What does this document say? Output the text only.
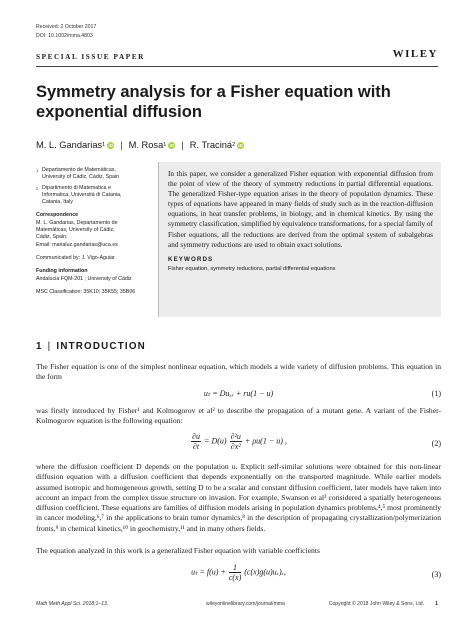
Received: 2 October 2017
DOI: 10.1002/mma.4803
SPECIAL ISSUE PAPER	WILEY
Symmetry analysis for a Fisher equation with exponential diffusion
M. L. Gandarias 1 iD | M. Rosa 1 iD | R. Traciná 2 iD
1 Departamento de Matemáticas,
University of Cádiz, Cádiz, Spain
2 Dipartimento di Matematica e
Informatica, Università di Catania,
Catania, Italy
Correspondence
M. L. Gandarias, Departamento de
Matemáticas, University of Cádiz,
Cádiz, Spain.
Email: marialuz.gandarias@uca.es
Communicated by: J. Vigo-Aguiar
Funding information
Andalucia FQM-201 ; University of Cádiz
MSC Classification: 35K10; 35K55; 35B06

In this paper, we consider a generalized Fisher equation with exponential diffusion from the point of view of the theory of symmetry reductions in partial differential equations. The generalized Fisher-type equation arises in the theory of population dynamics. These types of equations have appeared in many fields of study such as in the reaction-diffusion equations, in heat transfer problems, in biology, and in chemical kinetics. By using the symmetry classification, simplified by equivalence transformations, for a special family of Fisher equations, all the reductions are derived from the optimal system of subalgebras and symmetry reductions are used to obtain exact solutions.

KEYWORDS
Fisher equation, symmetry reductions, partial differential equations
1 | INTRODUCTION

The Fisher equation is one of the simplest nonlinear equation, which models a wide variety of diffusion problems. This equation in the form

uₜ = Duₓₓ + ru(1 − u)	(1)

was firstly introduced by Fisher¹ and Kolmogorov et al² to describe the propagation of a mutant gene. A variant of the Fisher-Kolmogorov equation is the following equation:

$\frac{\partial u}{\partial t} = D(u) \frac{\text{∂²u}}{\text{∂x²}} + \rho u(1 - u)$ ,	(2)

where the diffusion coefficient D depends on the population u. Explicit self-similar solutions were obtained for this non-linear diffusion equation with a diffusion coefficient that depends exponentially on the transported magnitude. While earlier models assumed isotropic and homogeneous growth, setting D to be a scalar and constant diffusion coefficient, later models have taken into account an impact from the complex tissue structure on invasion. For example, Swanson et al³ considered a spatially heterogeneous diffusion coefficient. These equations are families of diffusion models arising in population dynamics problems,⁴,⁵ most prominently in cancer modeling,⁶,⁷ in the applications to brain tumor dynamics,⁸ in the description of propagating crystallization/polymerization fronts,⁹ in chemical kinetics,¹⁰ in geochemistry,¹¹ and in many others fields.

The equation analyzed in this work is a generalized Fisher equation with variable coefficients

$u_t = f(u) + \frac{1}{c(x)} (c(x)g(u)u_x)_x$,	(3)
Math Meth Appl Sci. 2018;1–13.	wileyonlinelibrary.com/journal/mma	Copyright © 2018 John Wiley & Sons, Ltd. 1
